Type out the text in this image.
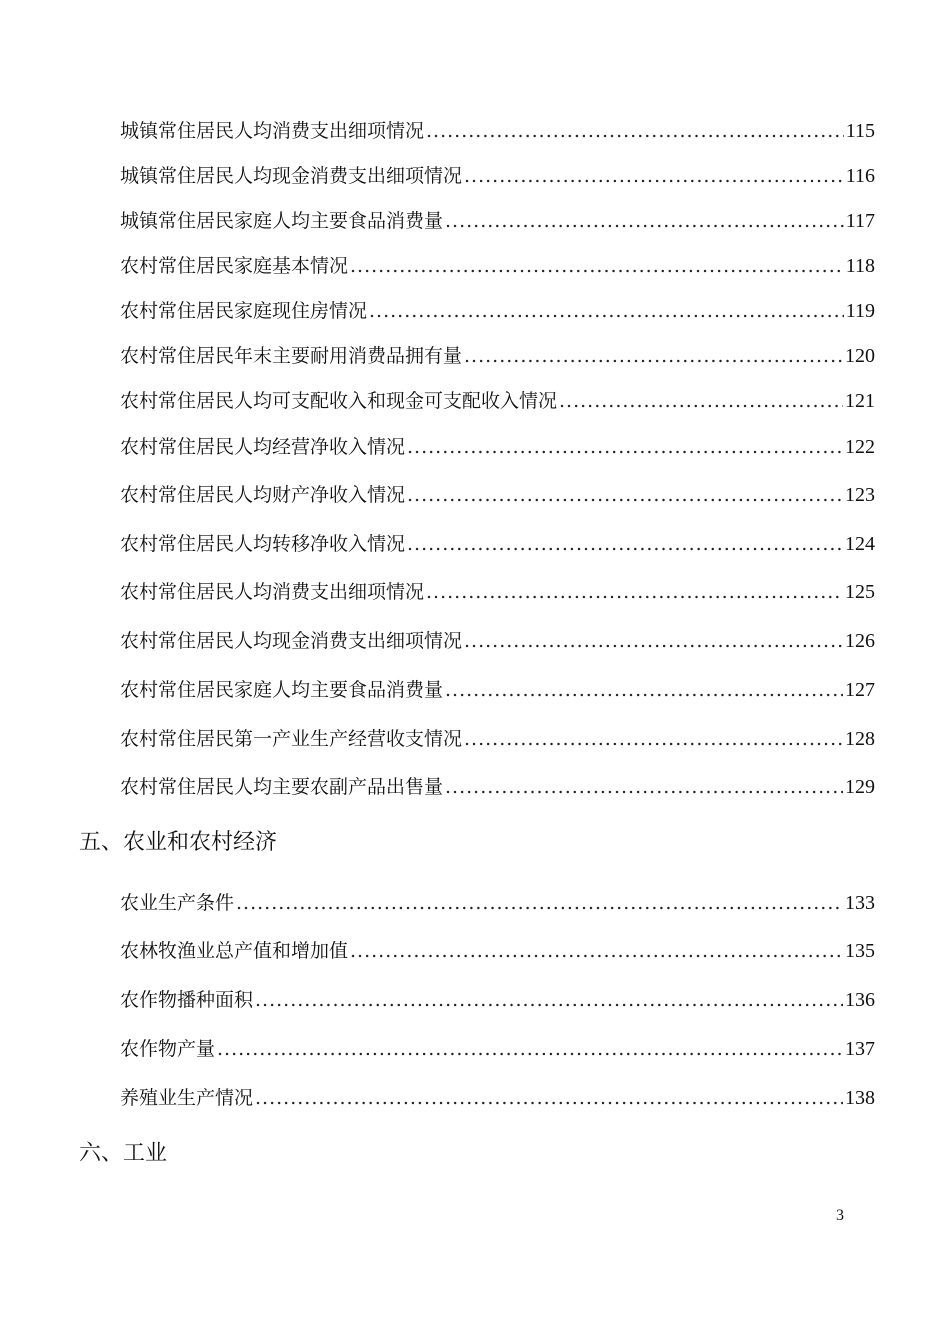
城镇常住居民人均消费支出细项情况 .....	115
城镇常住居民人均现金消费支出细项情况 .....	116
城镇常住居民家庭人均主要食品消费量 .....	117
农村常住居民家庭基本情况 .....	118
农村常住居民家庭现住房情况 .....	119
农村常住居民年末主要耐用消费品拥有量 .....	120
农村常住居民人均可支配收入和现金可支配收入情况 .....	121
农村常住居民人均经营净收入情况 .....	122
农村常住居民人均财产净收入情况 .....	123
农村常住居民人均转移净收入情况 .....	124
农村常住居民人均消费支出细项情况 .....	125
农村常住居民人均现金消费支出细项情况 .....	126
农村常住居民家庭人均主要食品消费量 .....	127
农村常住居民第一产业生产经营收支情况 .....	128
农村常住居民人均主要农副产品出售量 .....	129
五、农业和农村经济
农业生产条件 .....	133
农林牧渔业总产值和增加值 .....	135
农作物播种面积 .....	136
农作物产量 .....	137
养殖业生产情况 .....	138
六、工业
3
